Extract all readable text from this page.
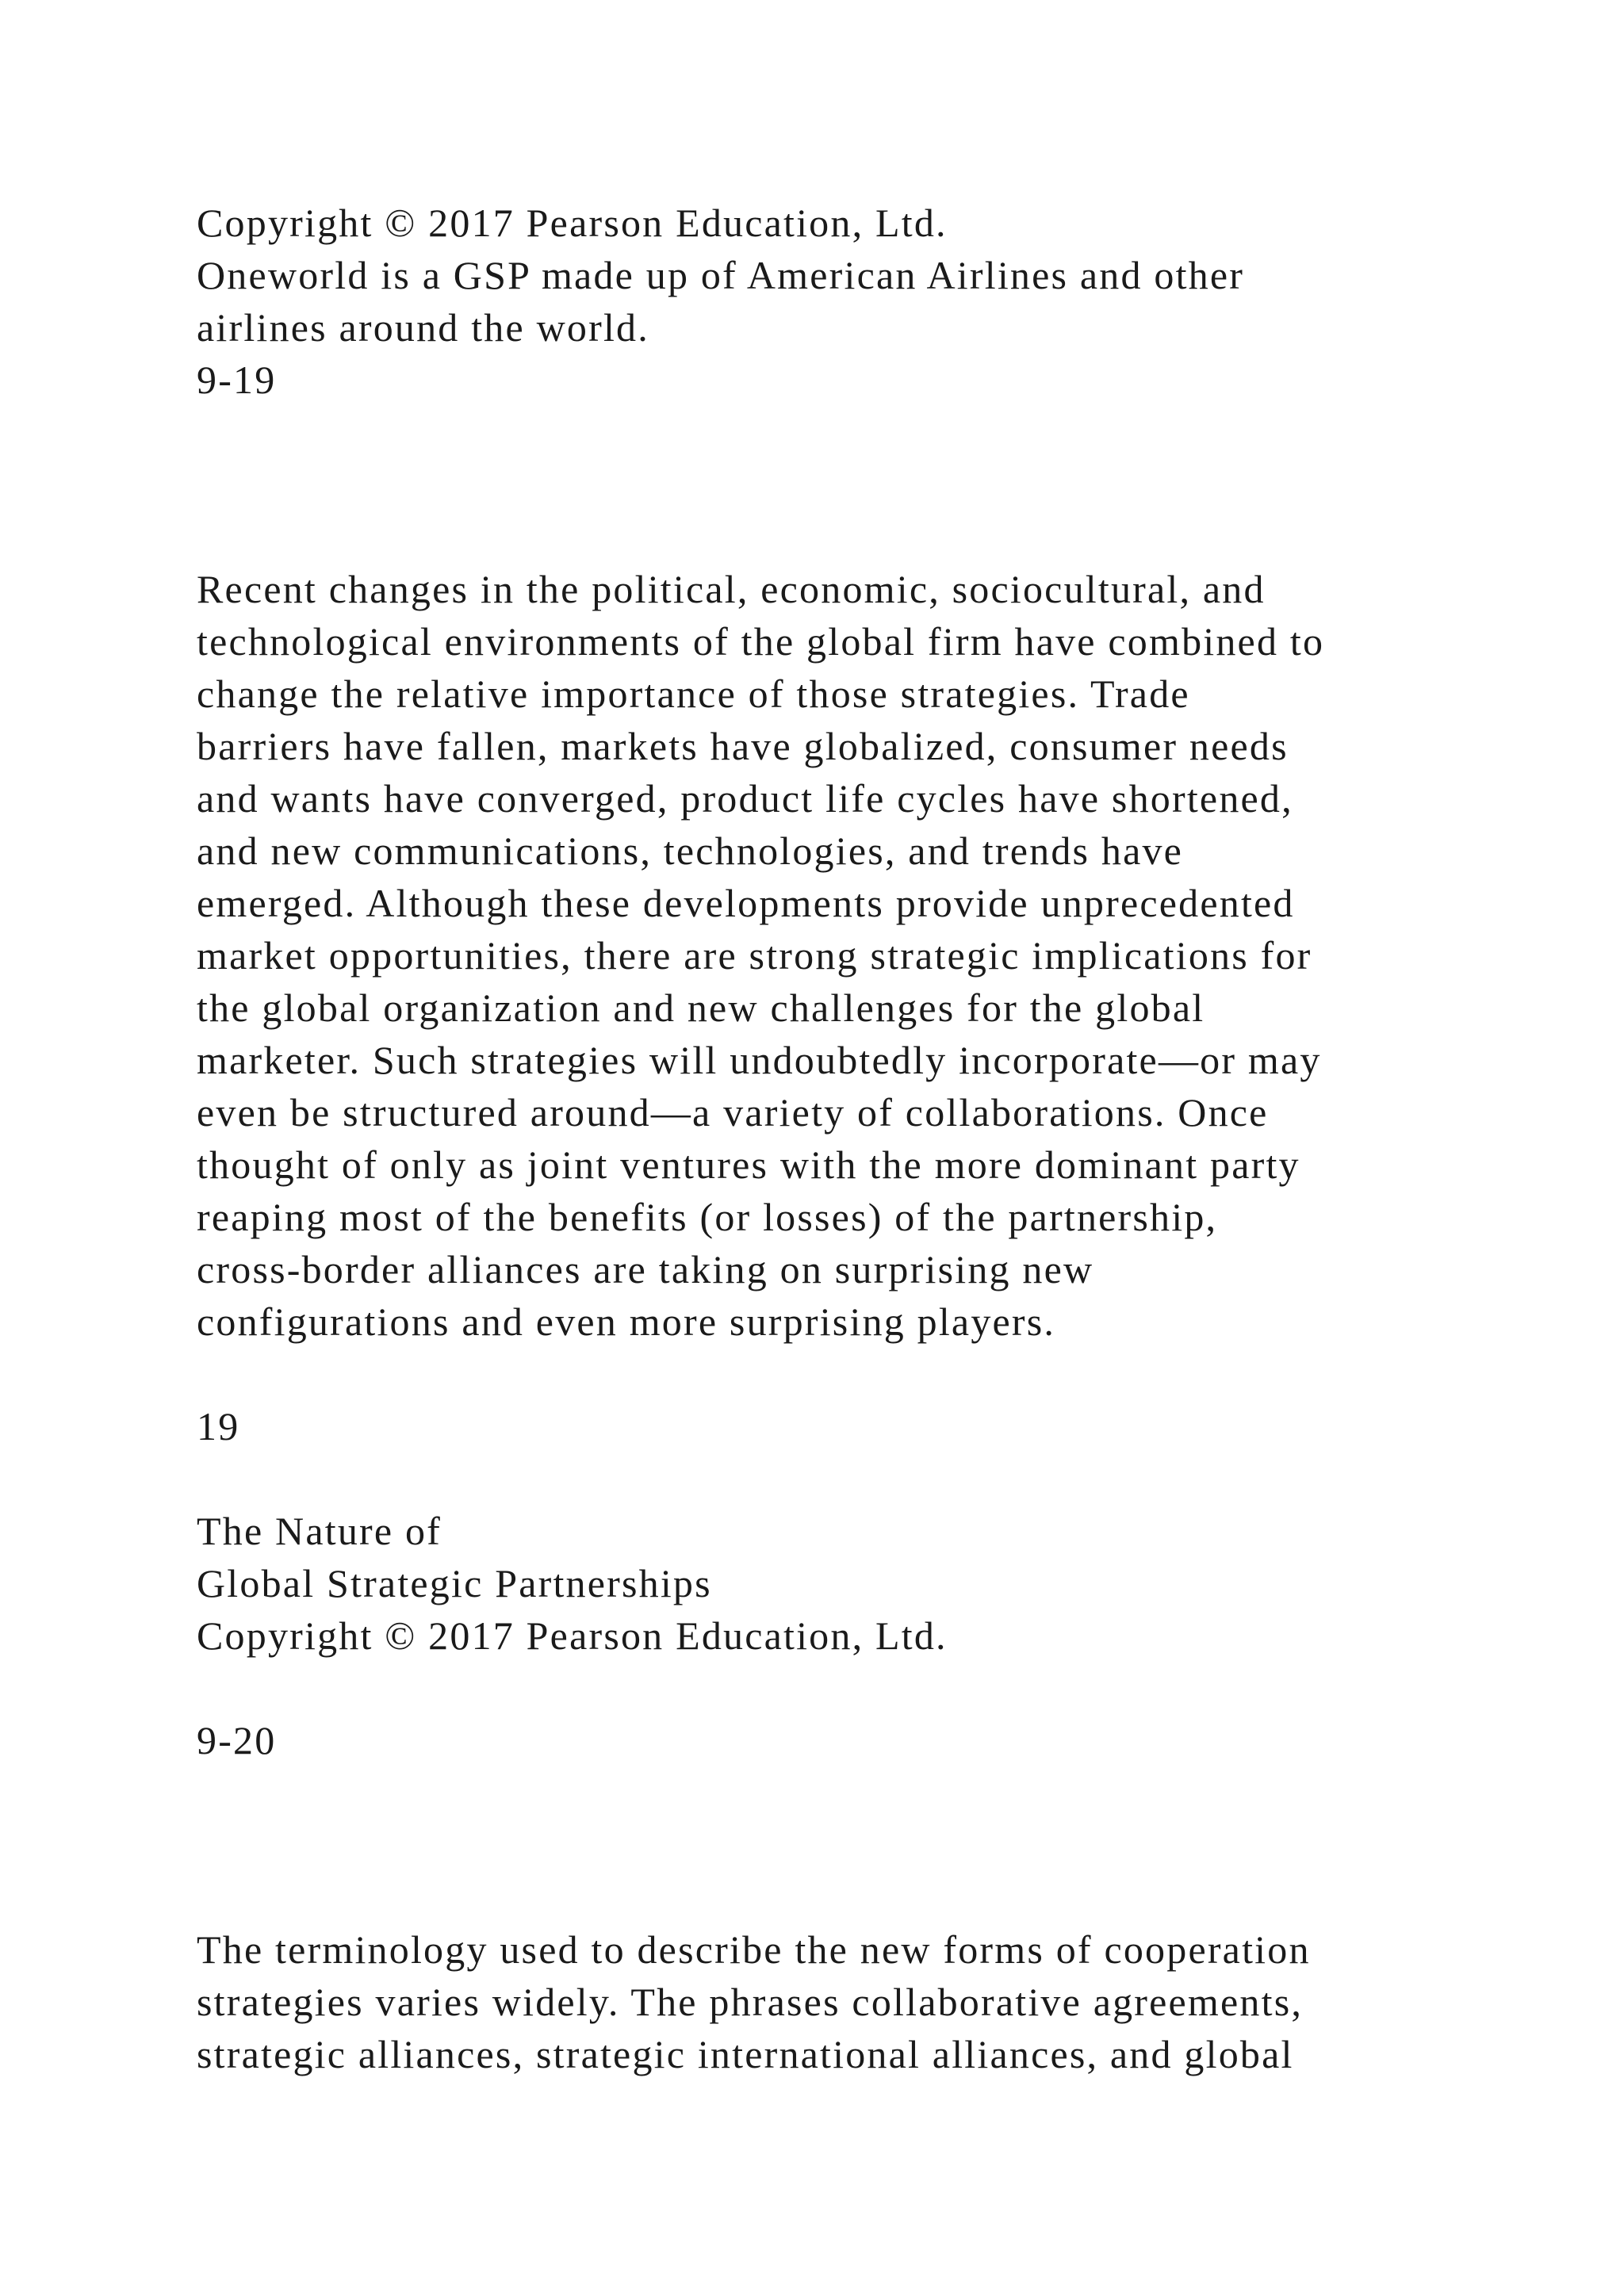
Copyright © 2017 Pearson Education, Ltd.
Oneworld is a GSP made up of American Airlines and other
airlines around the world.
9-19
Recent changes in the political, economic, sociocultural, and
technological environments of the global firm have combined to
change the relative importance of those strategies. Trade
barriers have fallen, markets have globalized, consumer needs
and wants have converged, product life cycles have shortened,
and new communications, technologies, and trends have
emerged. Although these developments provide unprecedented
market opportunities, there are strong strategic implications for
the global organization and new challenges for the global
marketer. Such strategies will undoubtedly incorporate—or may
even be structured around—a variety of collaborations. Once
thought of only as joint ventures with the more dominant party
reaping most of the benefits (or losses) of the partnership,
cross-border alliances are taking on surprising new
configurations and even more surprising players.
19
The Nature of
Global Strategic Partnerships
Copyright © 2017 Pearson Education, Ltd.
9-20
The terminology used to describe the new forms of cooperation
strategies varies widely. The phrases collaborative agreements,
strategic alliances, strategic international alliances, and global
